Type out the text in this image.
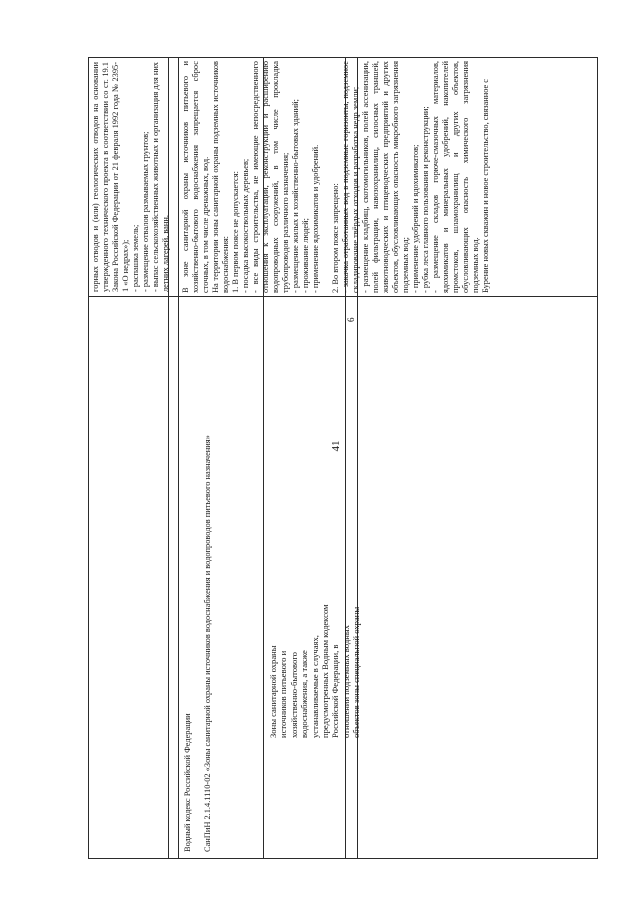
41

горных отводов и (или) геологических отводов на основании утвержденного технического проекта в соответствии со ст. 19.1 Закона Российской Федерации от 21 февраля 1992 года № 2395-1 «О недрах»); - распашка земель; - размещение отвалов размываемых грунтов; - выпас сельскохозяйственных животных и организация для них летних лагерей, ванн. В зоне санитарной охраны источников питьевого и хозяйственно-бытового водоснабжения запрещается сброс сточных, в том числе дренажных, вод. На территории зоны санитарной охраны подземных источников водоснабжения: 1. В первом поясе не допускается: - посадка высокоствольных деревьев; - все виды строительства, не имеющие непосредственного отношения к эксплуатации, реконструкции и расширению водопроводных сооружений, в том числе прокладка трубопроводов различного назначения; - размещение жилых и хозяйственно-бытовых зданий; - проживание людей; - применение ядохимикатов и удобрений. 2. Во втором поясе запрещено: - закачка отработанных вод в подземные горизонты, подземное складирование твёрдых отходов и разработка недр земли; - размещение кладбищ, скотомогильников, полей ассенизации, полей фильтрации, навозохранилищ, силосных траншей, животноводческих и птицеводческих предприятий и других объектов, обусловливающих опасность микробного загрязнения подземных вод; - применение удобрений и ядохимикатов; - рубка леса главного пользования и реконструкции; - размещение складов горюче-смазочных материалов, ядохимикатов и минеральных удобрений, накопителей промстоков, шламохранилищ и других объектов, обусловливающих опасность химического загрязнения подземных вод. Бурение новых скважин и новое строительство, связанное с

Водный кодекс Российской Федерации СанПиН 2.1.4.1110-02 «Зоны санитарной охраны источников водоснабжения и водопроводов питьевого назначения»	Зоны санитарной охраны источников питьевого и хозяйственно-бытового водоснабжения, а также устанавливаемые в случаях, предусмотренных Водным кодексом Российской Федерации, в отношении подземных водных объектов зоны специальной охраны

6
